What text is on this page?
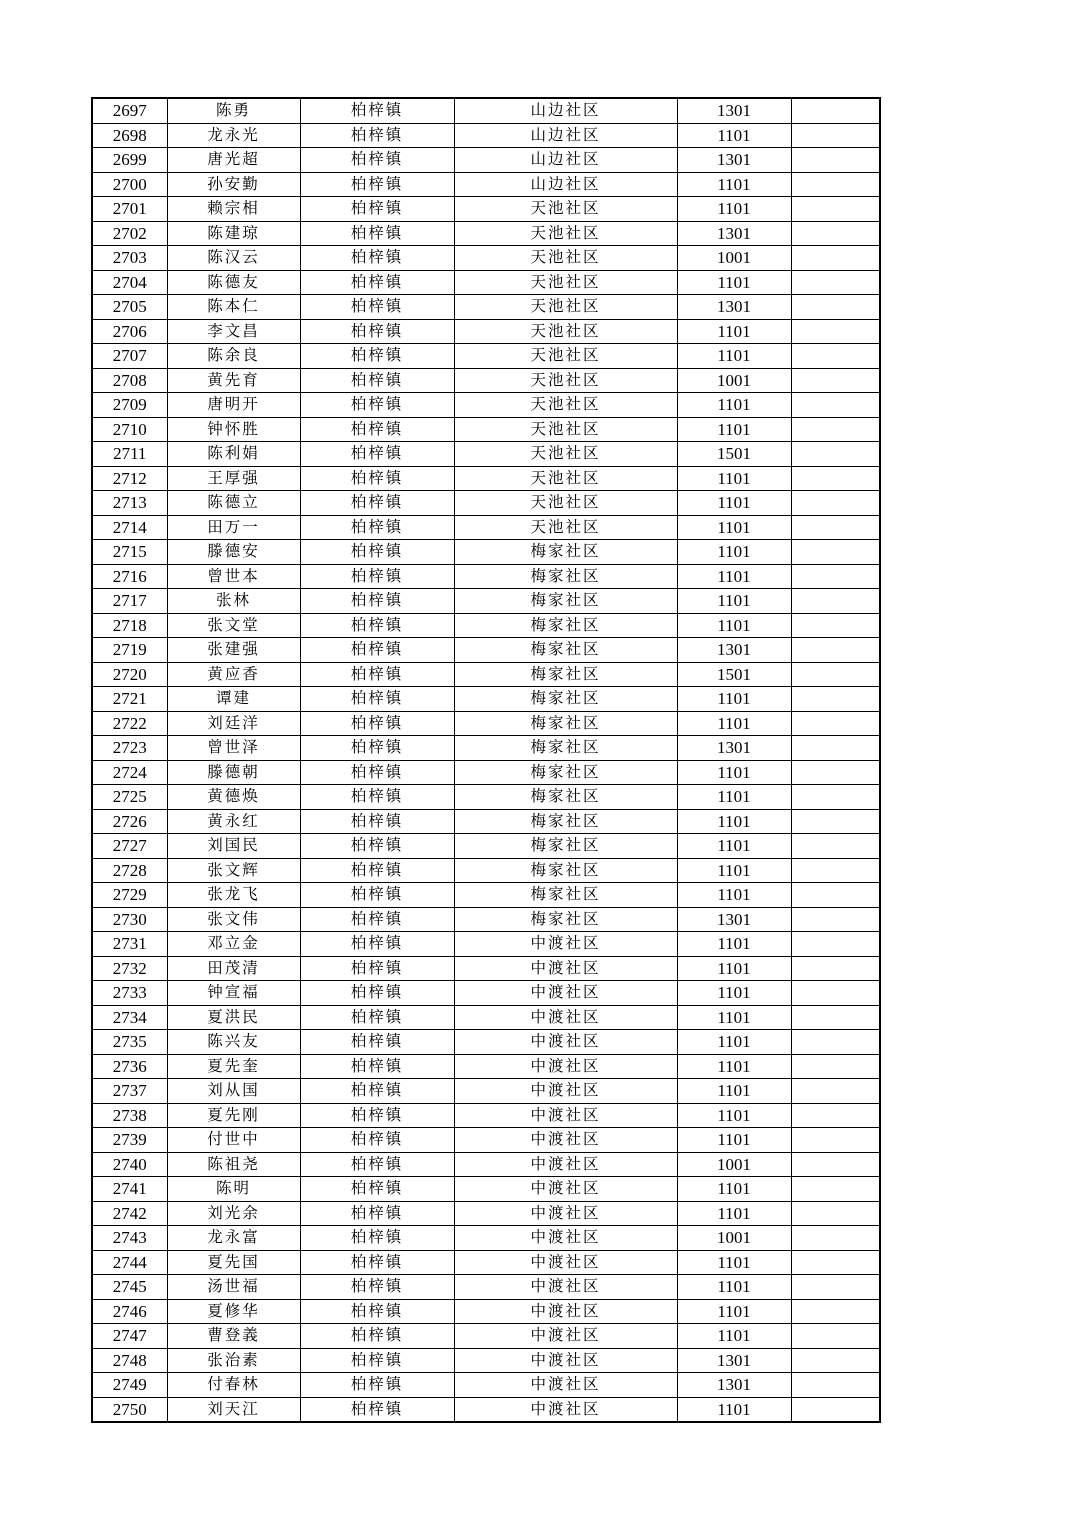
2697	陈勇	柏梓镇	山边社区	1301	
2698	龙永光	柏梓镇	山边社区	1101	
2699	唐光超	柏梓镇	山边社区	1301	
2700	孙安勤	柏梓镇	山边社区	1101	
2701	赖宗相	柏梓镇	天池社区	1101	
2702	陈建琼	柏梓镇	天池社区	1301	
2703	陈汉云	柏梓镇	天池社区	1001	
2704	陈德友	柏梓镇	天池社区	1101	
2705	陈本仁	柏梓镇	天池社区	1301	
2706	李文昌	柏梓镇	天池社区	1101	
2707	陈余良	柏梓镇	天池社区	1101	
2708	黄先育	柏梓镇	天池社区	1001	
2709	唐明开	柏梓镇	天池社区	1101	
2710	钟怀胜	柏梓镇	天池社区	1101	
2711	陈利娟	柏梓镇	天池社区	1501	
2712	王厚强	柏梓镇	天池社区	1101	
2713	陈德立	柏梓镇	天池社区	1101	
2714	田万一	柏梓镇	天池社区	1101	
2715	滕德安	柏梓镇	梅家社区	1101	
2716	曾世本	柏梓镇	梅家社区	1101	
2717	张林	柏梓镇	梅家社区	1101	
2718	张文堂	柏梓镇	梅家社区	1101	
2719	张建强	柏梓镇	梅家社区	1301	
2720	黄应香	柏梓镇	梅家社区	1501	
2721	谭建	柏梓镇	梅家社区	1101	
2722	刘廷洋	柏梓镇	梅家社区	1101	
2723	曾世泽	柏梓镇	梅家社区	1301	
2724	滕德朝	柏梓镇	梅家社区	1101	
2725	黄德焕	柏梓镇	梅家社区	1101	
2726	黄永红	柏梓镇	梅家社区	1101	
2727	刘国民	柏梓镇	梅家社区	1101	
2728	张文辉	柏梓镇	梅家社区	1101	
2729	张龙飞	柏梓镇	梅家社区	1101	
2730	张文伟	柏梓镇	梅家社区	1301	
2731	邓立金	柏梓镇	中渡社区	1101	
2732	田茂清	柏梓镇	中渡社区	1101	
2733	钟宣福	柏梓镇	中渡社区	1101	
2734	夏洪民	柏梓镇	中渡社区	1101	
2735	陈兴友	柏梓镇	中渡社区	1101	
2736	夏先奎	柏梓镇	中渡社区	1101	
2737	刘从国	柏梓镇	中渡社区	1101	
2738	夏先刚	柏梓镇	中渡社区	1101	
2739	付世中	柏梓镇	中渡社区	1101	
2740	陈祖尧	柏梓镇	中渡社区	1001	
2741	陈明	柏梓镇	中渡社区	1101	
2742	刘光余	柏梓镇	中渡社区	1101	
2743	龙永富	柏梓镇	中渡社区	1001	
2744	夏先国	柏梓镇	中渡社区	1101	
2745	汤世福	柏梓镇	中渡社区	1101	
2746	夏修华	柏梓镇	中渡社区	1101	
2747	曹登義	柏梓镇	中渡社区	1101	
2748	张治素	柏梓镇	中渡社区	1301	
2749	付春林	柏梓镇	中渡社区	1301	
2750	刘天江	柏梓镇	中渡社区	1101	
